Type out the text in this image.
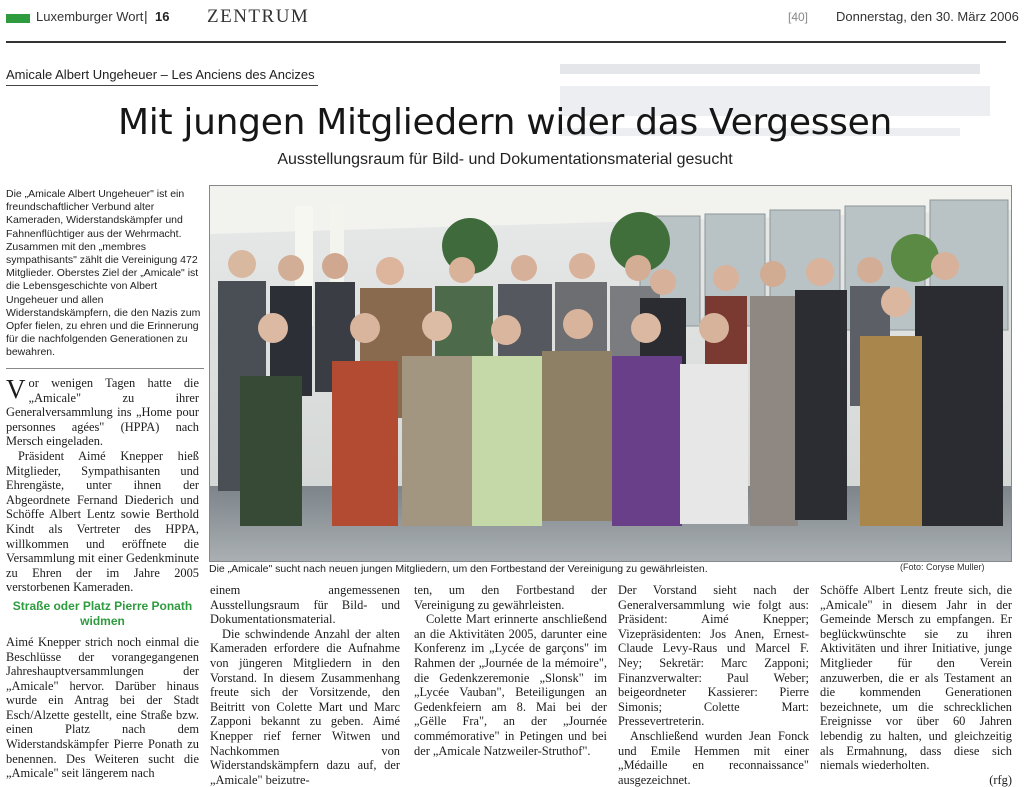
Luxemburger Wort | 16 ZENTRUM	[40] Donnerstag, den 30. März 2006
Amicale Albert Ungeheuer – Les Anciens des Ancizes
Mit jungen Mitgliedern wider das Vergessen
Ausstellungsraum für Bild- und Dokumentationsmaterial gesucht

Die „Amicale Albert Ungeheuer" ist ein freundschaftlicher Verbund alter Kameraden, Widerstandskämpfer und Fahnenflüchtiger aus der Wehrmacht. Zusammen mit den „membres sympathisants" zählt die Vereinigung 472 Mitglieder. Oberstes Ziel der „Amicale" ist die Lebensgeschichte von Albert Ungeheuer und allen Widerstandskämpfern, die den Nazis zum Opfer fielen, zu ehren und die Erinnerung für die nachfolgenden Generationen zu bewahren.

Die „Amicale" sucht nach neuen jungen Mitgliedern, um den Fortbestand der Vereinigung zu gewährleisten.	(Foto: Coryse Muller)

Vor wenigen Tagen hatte die „Amicale" zu ihrer Generalversammlung ins „Home pour personnes agées" (HPPA) nach Mersch eingeladen.

Präsident Aimé Knepper hieß Mitglieder, Sympathisanten und Ehrengäste, unter ihnen der Abgeordnete Fernand Diederich und Schöffe Albert Lentz sowie Berthold Kindt als Vertreter des HPPA, willkommen und eröffnete die Versammlung mit einer Gedenkminute zu Ehren der im Jahre 2005 verstorbenen Kameraden.

Straße oder Platz Pierre Ponath widmen

Aimé Knepper strich noch einmal die Beschlüsse der vorangegangenen Jahreshauptversammlungen der „Amicale" hervor. Darüber hinaus wurde ein Antrag bei der Stadt Esch/Alzette gestellt, eine Straße bzw. einen Platz nach dem Widerstandskämpfer Pierre Ponath zu benennen. Des Weiteren sucht die „Amicale" seit längerem nach

einem angemessenen Ausstellungsraum für Bild- und Dokumentationsmaterial.

Die schwindende Anzahl der alten Kameraden erfordere die Aufnahme von jüngeren Mitgliedern in den Vorstand. In diesem Zusammenhang freute sich der Vorsitzende, den Beitritt von Colette Mart und Marc Zapponi bekannt zu geben. Aimé Knepper rief ferner Witwen und Nachkommen von Widerstandskämpfern dazu auf, der „Amicale" beizutre-

ten, um den Fortbestand der Vereinigung zu gewährleisten.

Colette Mart erinnerte anschließend an die Aktivitäten 2005, darunter eine Konferenz im „Lycée de garçons" im Rahmen der „Journée de la mémoire", die Gedenkzeremonie „Slonsk" im „Lycée Vauban", Beteiligungen an Gedenkfeiern am 8. Mai bei der „Gëlle Fra", an der „Journée commémorative" in Petingen und bei der „Amicale Natzweiler-Struthof".

Der Vorstand sieht nach der Generalversammlung wie folgt aus: Präsident: Aimé Knepper; Vizepräsidenten: Jos Anen, Ernest-Claude Levy-Raus und Marcel F. Ney; Sekretär: Marc Zapponi; Finanzverwalter: Paul Weber; beigeordneter Kassierer: Pierre Simonis; Colette Mart: Pressevertreterin.

Anschließend wurden Jean Fonck und Emile Hemmen mit einer „Médaille en reconnaissance" ausgezeichnet.

Schöffe Albert Lentz freute sich, die „Amicale" in diesem Jahr in der Gemeinde Mersch zu empfangen. Er beglückwünschte sie zu ihren Aktivitäten und ihrer Initiative, junge Mitglieder für den Verein anzuwerben, die er als Testament an die kommenden Generationen bezeichnete, um die schrecklichen Ereignisse vor über 60 Jahren lebendig zu halten, und gleichzeitig als Ermahnung, dass diese sich niemals wiederholten.

(rfg)
